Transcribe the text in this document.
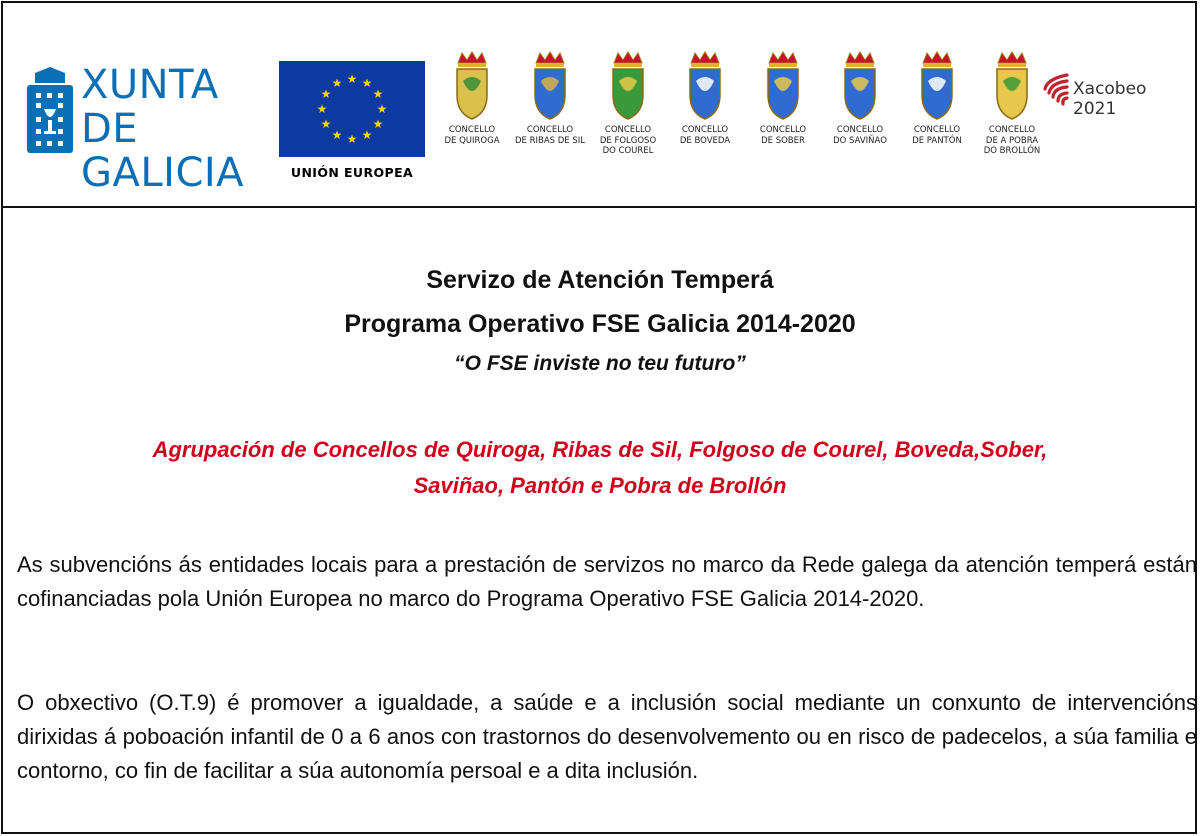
XUNTA
DE GALICIA
★ ★
★
★
★
★
★
★
★
★
★
★
UNIÓN EUROPEA
CONCELLO
DE QUIROGA
CONCELLO
DE RIBAS DE SIL
CONCELLO
DE FOLGOSO
DO COUREL
CONCELLO
DE BOVEDA
CONCELLO
DE SOBER
CONCELLO
DO SAVIÑAO
CONCELLO
DE PANTÓN
CONCELLO
DE A POBRA
DO BROLLÓN
Xacobeo 2021
Servizo de Atención Temperá
Programa Operativo FSE Galicia 2014-2020
“O FSE inviste no teu futuro”
Agrupación de Concellos de Quiroga, Ribas de Sil, Folgoso de Courel, Boveda,Sober,
Saviñao, Pantón e Pobra de Brollón
As subvencións ás entidades locais para a prestación de servizos no marco da Rede galega da atención temperá están cofinanciadas pola Unión Europea no marco do Programa Operativo FSE Galicia 2014-2020.
O obxectivo (O.T.9) é promover a igualdade, a saúde e a inclusión social mediante un conxunto de intervencións dirixidas á poboación infantil de 0 a 6 anos con trastornos do desenvolvemento ou en risco de padecelos, a súa familia e contorno, co fin de facilitar a súa autonomía persoal e a dita inclusión.
